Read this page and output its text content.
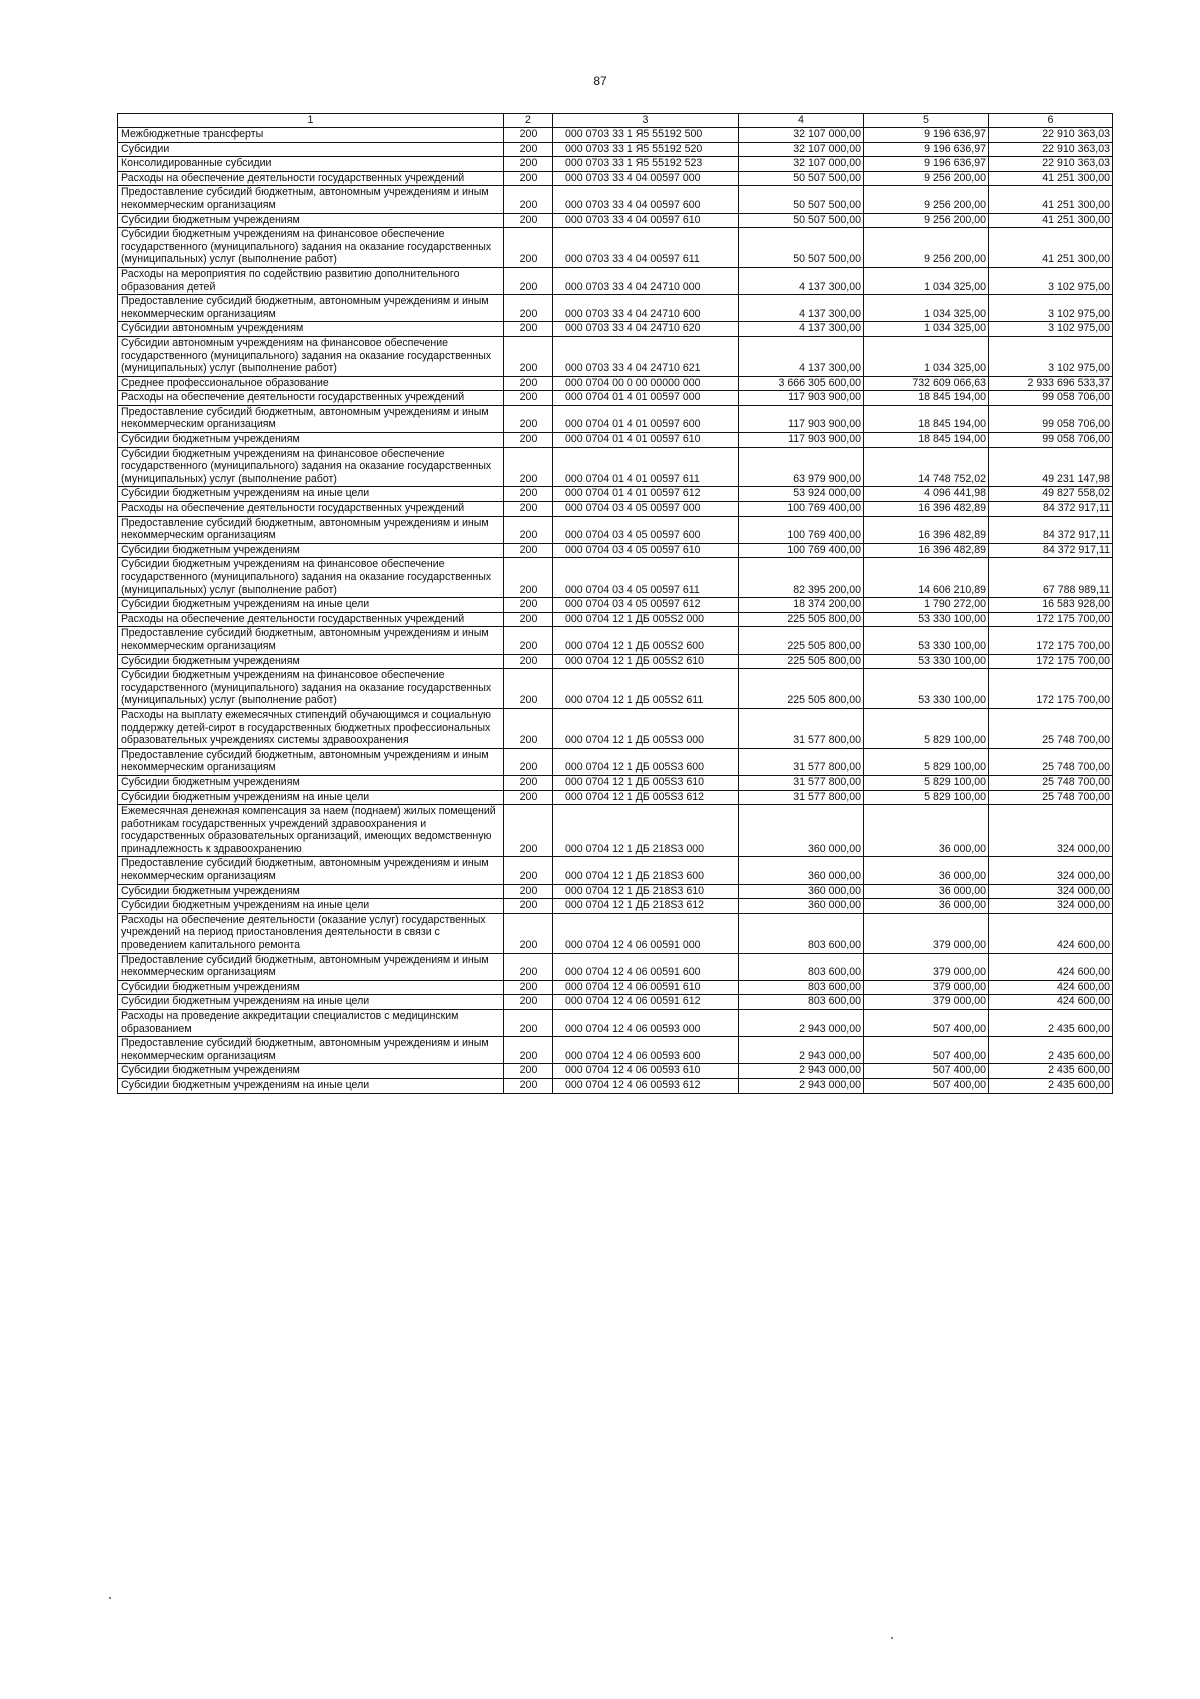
87
1	2	3	4	5	6
Межбюджетные трансферты	200	000 0703 33 1 Я5 55192 500	32 107 000,00	9 196 636,97	22 910 363,03
Субсидии	200	000 0703 33 1 Я5 55192 520	32 107 000,00	9 196 636,97	22 910 363,03
Консолидированные субсидии	200	000 0703 33 1 Я5 55192 523	32 107 000,00	9 196 636,97	22 910 363,03
Расходы на обеспечение деятельности государственных учреждений	200	000 0703 33 4 04 00597 000	50 507 500,00	9 256 200,00	41 251 300,00
Предоставление субсидий бюджетным, автономным учреждениям и иным некоммерческим организациям	200	000 0703 33 4 04 00597 600	50 507 500,00	9 256 200,00	41 251 300,00
Субсидии бюджетным учреждениям	200	000 0703 33 4 04 00597 610	50 507 500,00	9 256 200,00	41 251 300,00
Субсидии бюджетным учреждениям на финансовое обеспечение государственного (муниципального) задания на оказание государственных (муниципальных) услуг (выполнение работ)	200	000 0703 33 4 04 00597 611	50 507 500,00	9 256 200,00	41 251 300,00
Расходы на мероприятия по содействию развитию дополнительного образования детей	200	000 0703 33 4 04 24710 000	4 137 300,00	1 034 325,00	3 102 975,00
Предоставление субсидий бюджетным, автономным учреждениям и иным некоммерческим организациям	200	000 0703 33 4 04 24710 600	4 137 300,00	1 034 325,00	3 102 975,00
Субсидии автономным учреждениям	200	000 0703 33 4 04 24710 620	4 137 300,00	1 034 325,00	3 102 975,00
Субсидии автономным учреждениям на финансовое обеспечение государственного (муниципального) задания на оказание государственных (муниципальных) услуг (выполнение работ)	200	000 0703 33 4 04 24710 621	4 137 300,00	1 034 325,00	3 102 975,00
Среднее профессиональное образование	200	000 0704 00 0 00 00000 000	3 666 305 600,00	732 609 066,63	2 933 696 533,37
Расходы на обеспечение деятельности государственных учреждений	200	000 0704 01 4 01 00597 000	117 903 900,00	18 845 194,00	99 058 706,00
Предоставление субсидий бюджетным, автономным учреждениям и иным некоммерческим организациям	200	000 0704 01 4 01 00597 600	117 903 900,00	18 845 194,00	99 058 706,00
Субсидии бюджетным учреждениям	200	000 0704 01 4 01 00597 610	117 903 900,00	18 845 194,00	99 058 706,00
Субсидии бюджетным учреждениям на финансовое обеспечение государственного (муниципального) задания на оказание государственных (муниципальных) услуг (выполнение работ)	200	000 0704 01 4 01 00597 611	63 979 900,00	14 748 752,02	49 231 147,98
Субсидии бюджетным учреждениям на иные цели	200	000 0704 01 4 01 00597 612	53 924 000,00	4 096 441,98	49 827 558,02
Расходы на обеспечение деятельности государственных учреждений	200	000 0704 03 4 05 00597 000	100 769 400,00	16 396 482,89	84 372 917,11
Предоставление субсидий бюджетным, автономным учреждениям и иным некоммерческим организациям	200	000 0704 03 4 05 00597 600	100 769 400,00	16 396 482,89	84 372 917,11
Субсидии бюджетным учреждениям	200	000 0704 03 4 05 00597 610	100 769 400,00	16 396 482,89	84 372 917,11
Субсидии бюджетным учреждениям на финансовое обеспечение государственного (муниципального) задания на оказание государственных (муниципальных) услуг (выполнение работ)	200	000 0704 03 4 05 00597 611	82 395 200,00	14 606 210,89	67 788 989,11
Субсидии бюджетным учреждениям на иные цели	200	000 0704 03 4 05 00597 612	18 374 200,00	1 790 272,00	16 583 928,00
Расходы на обеспечение деятельности государственных учреждений	200	000 0704 12 1 ДБ 005S2 000	225 505 800,00	53 330 100,00	172 175 700,00
Предоставление субсидий бюджетным, автономным учреждениям и иным некоммерческим организациям	200	000 0704 12 1 ДБ 005S2 600	225 505 800,00	53 330 100,00	172 175 700,00
Субсидии бюджетным учреждениям	200	000 0704 12 1 ДБ 005S2 610	225 505 800,00	53 330 100,00	172 175 700,00
Субсидии бюджетным учреждениям на финансовое обеспечение государственного (муниципального) задания на оказание государственных (муниципальных) услуг (выполнение работ)	200	000 0704 12 1 ДБ 005S2 611	225 505 800,00	53 330 100,00	172 175 700,00
Расходы на выплату ежемесячных стипендий обучающимся и социальную поддержку детей-сирот в государственных бюджетных профессиональных образовательных учреждениях системы здравоохранения	200	000 0704 12 1 ДБ 005S3 000	31 577 800,00	5 829 100,00	25 748 700,00
Предоставление субсидий бюджетным, автономным учреждениям и иным некоммерческим организациям	200	000 0704 12 1 ДБ 005S3 600	31 577 800,00	5 829 100,00	25 748 700,00
Субсидии бюджетным учреждениям	200	000 0704 12 1 ДБ 005S3 610	31 577 800,00	5 829 100,00	25 748 700,00
Субсидии бюджетным учреждениям на иные цели	200	000 0704 12 1 ДБ 005S3 612	31 577 800,00	5 829 100,00	25 748 700,00
Ежемесячная денежная компенсация за наем (поднаем) жилых помещений работникам государственных учреждений здравоохранения и государственных образовательных организаций, имеющих ведомственную принадлежность к здравоохранению	200	000 0704 12 1 ДБ 218S3 000	360 000,00	36 000,00	324 000,00
Предоставление субсидий бюджетным, автономным учреждениям и иным некоммерческим организациям	200	000 0704 12 1 ДБ 218S3 600	360 000,00	36 000,00	324 000,00
Субсидии бюджетным учреждениям	200	000 0704 12 1 ДБ 218S3 610	360 000,00	36 000,00	324 000,00
Субсидии бюджетным учреждениям на иные цели	200	000 0704 12 1 ДБ 218S3 612	360 000,00	36 000,00	324 000,00
Расходы на обеспечение деятельности (оказание услуг) государственных учреждений на период приостановления деятельности в связи с проведением капитального ремонта	200	000 0704 12 4 06 00591 000	803 600,00	379 000,00	424 600,00
Предоставление субсидий бюджетным, автономным учреждениям и иным некоммерческим организациям	200	000 0704 12 4 06 00591 600	803 600,00	379 000,00	424 600,00
Субсидии бюджетным учреждениям	200	000 0704 12 4 06 00591 610	803 600,00	379 000,00	424 600,00
Субсидии бюджетным учреждениям на иные цели	200	000 0704 12 4 06 00591 612	803 600,00	379 000,00	424 600,00
Расходы на проведение аккредитации специалистов с медицинским образованием	200	000 0704 12 4 06 00593 000	2 943 000,00	507 400,00	2 435 600,00
Предоставление субсидий бюджетным, автономным учреждениям и иным некоммерческим организациям	200	000 0704 12 4 06 00593 600	2 943 000,00	507 400,00	2 435 600,00
Субсидии бюджетным учреждениям	200	000 0704 12 4 06 00593 610	2 943 000,00	507 400,00	2 435 600,00
Субсидии бюджетным учреждениям на иные цели	200	000 0704 12 4 06 00593 612	2 943 000,00	507 400,00	2 435 600,00
